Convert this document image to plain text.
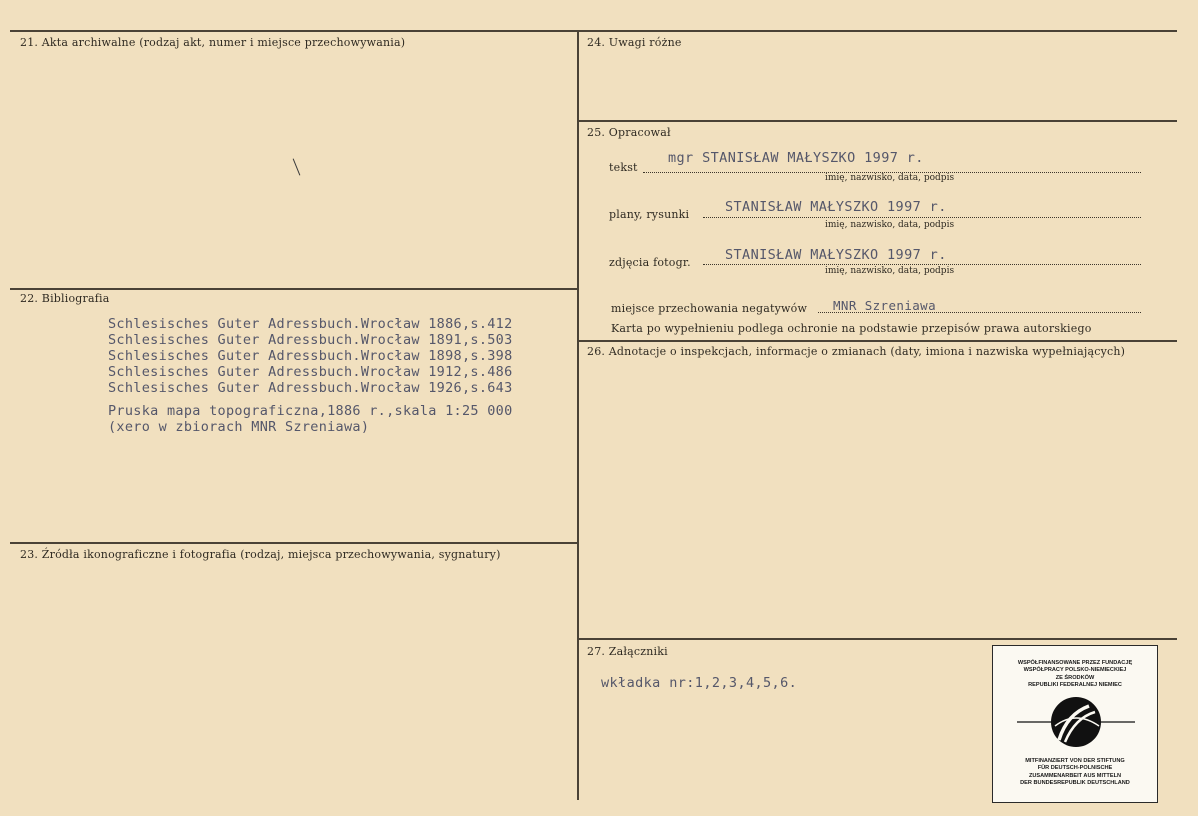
21. Akta archiwalne (rodzaj akt, numer i miejsce przechowywania)
22. Bibliografia
Schlesisches Guter Adressbuch.Wrocław 1886,s.412
Schlesisches Guter Adressbuch.Wrocław 1891,s.503
Schlesisches Guter Adressbuch.Wrocław 1898,s.398
Schlesisches Guter Adressbuch.Wrocław 1912,s.486
Schlesisches Guter Adressbuch.Wrocław 1926,s.643
Pruska mapa topograficzna,1886 r.,skala 1:25 000
(xero w zbiorach MNR Szreniawa)
23. Źródła ikonograficzne i fotografia (rodzaj, miejsca przechowywania, sygnatury)
24. Uwagi różne
25. Opracował
tekst
mgr STANISŁAW MAŁYSZKO 1997 r.
imię, nazwisko, data, podpis
plany, rysunki	STANISŁAW MAŁYSZKO 1997 r.
imię, nazwisko, data, podpis
zdjęcia fotogr.	STANISŁAW MAŁYSZKO 1997 r.
imię, nazwisko, data, podpis
miejsce przechowania negatywów MNR Szreniawa
Karta po wypełnieniu podlega ochronie na podstawie przepisów prawa autorskiego
26. Adnotacje o inspekcjach, informacje o zmianach (daty, imiona i nazwiska wypełniających)
27. Załączniki
wkładka nr:1,2,3,4,5,6.
WSPÓŁFINANSOWANE PRZEZ FUNDACJĘ
WSPÓŁPRACY POLSKO-NIEMIECKIEJ
ZE ŚRODKÓW
REPUBLIKI FEDERALNEJ NIEMIEC
MITFINANZIERT VON DER STIFTUNG
FÜR DEUTSCH-POLNISCHE
ZUSAMMENARBEIT AUS MITTELN
DER BUNDESREPUBLIK DEUTSCHLAND
